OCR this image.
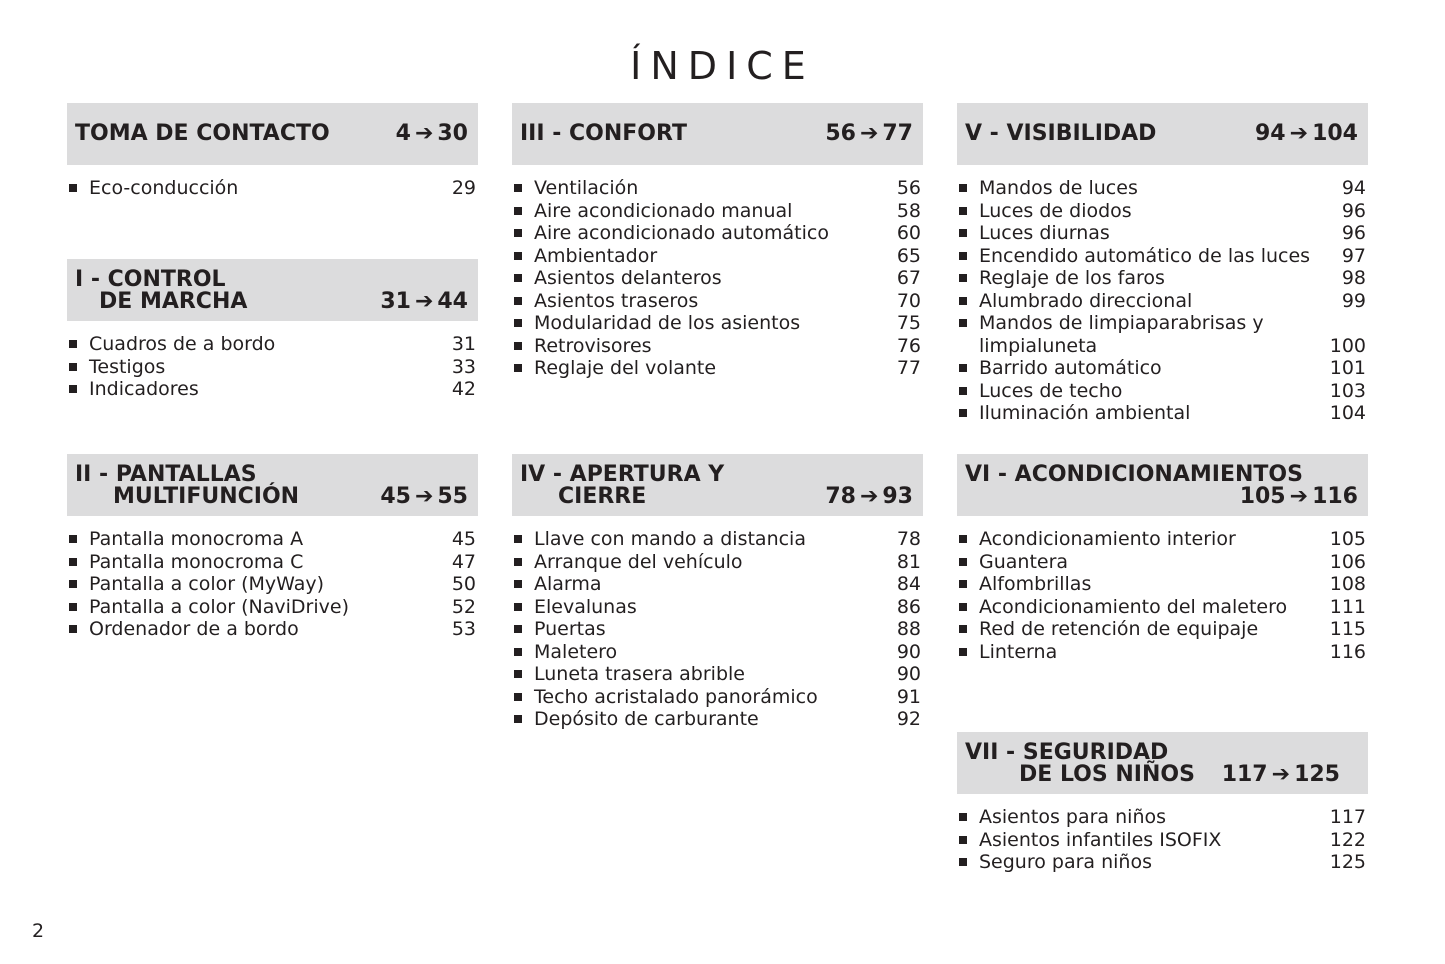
ÍNDICE
TOMA DE CONTACTO	4 ➔ 30
Eco-conducción	29
I - CONTROL
DE MARCHA	31 ➔ 44
Cuadros de a bordo	31
Testigos	33
Indicadores	42
II - PANTALLAS
MULTIFUNCIÓN	45 ➔ 55
Pantalla monocroma A	45
Pantalla monocroma C	47
Pantalla a color (MyWay)	50
Pantalla a color (NaviDrive)	52
Ordenador de a bordo	53
III - CONFORT	56 ➔ 77
Ventilación	56
Aire acondicionado manual	58
Aire acondicionado automático	60
Ambientador	65
Asientos delanteros	67
Asientos traseros	70
Modularidad de los asientos	75
Retrovisores	76
Reglaje del volante	77
IV - APERTURA Y
CIERRE	78 ➔ 93
Llave con mando a distancia	78
Arranque del vehículo	81
Alarma	84
Elevalunas	86
Puertas	88
Maletero	90
Luneta trasera abrible	90
Techo acristalado panorámico	91
Depósito de carburante	92
V - VISIBILIDAD	94 ➔ 104
Mandos de luces	94
Luces de diodos	96
Luces diurnas	96
Encendido automático de las luces 97
Reglaje de los faros	98
Alumbrado direccional	99
Mandos de limpiaparabrisas y limpialuneta	100
Barrido automático	101
Luces de techo	103
Iluminación ambiental	104
VI - ACONDICIONAMIENTOS
105 ➔ 116
Acondicionamiento interior	105
Guantera	106
Alfombrillas	108
Acondicionamiento del maletero 111
Red de retención de equipaje	115
Linterna	116
VII - SEGURIDAD
DE LOS NIÑOS 117 ➔ 125
Asientos para niños	117
Asientos infantiles ISOFIX	122
Seguro para niños	125
2
